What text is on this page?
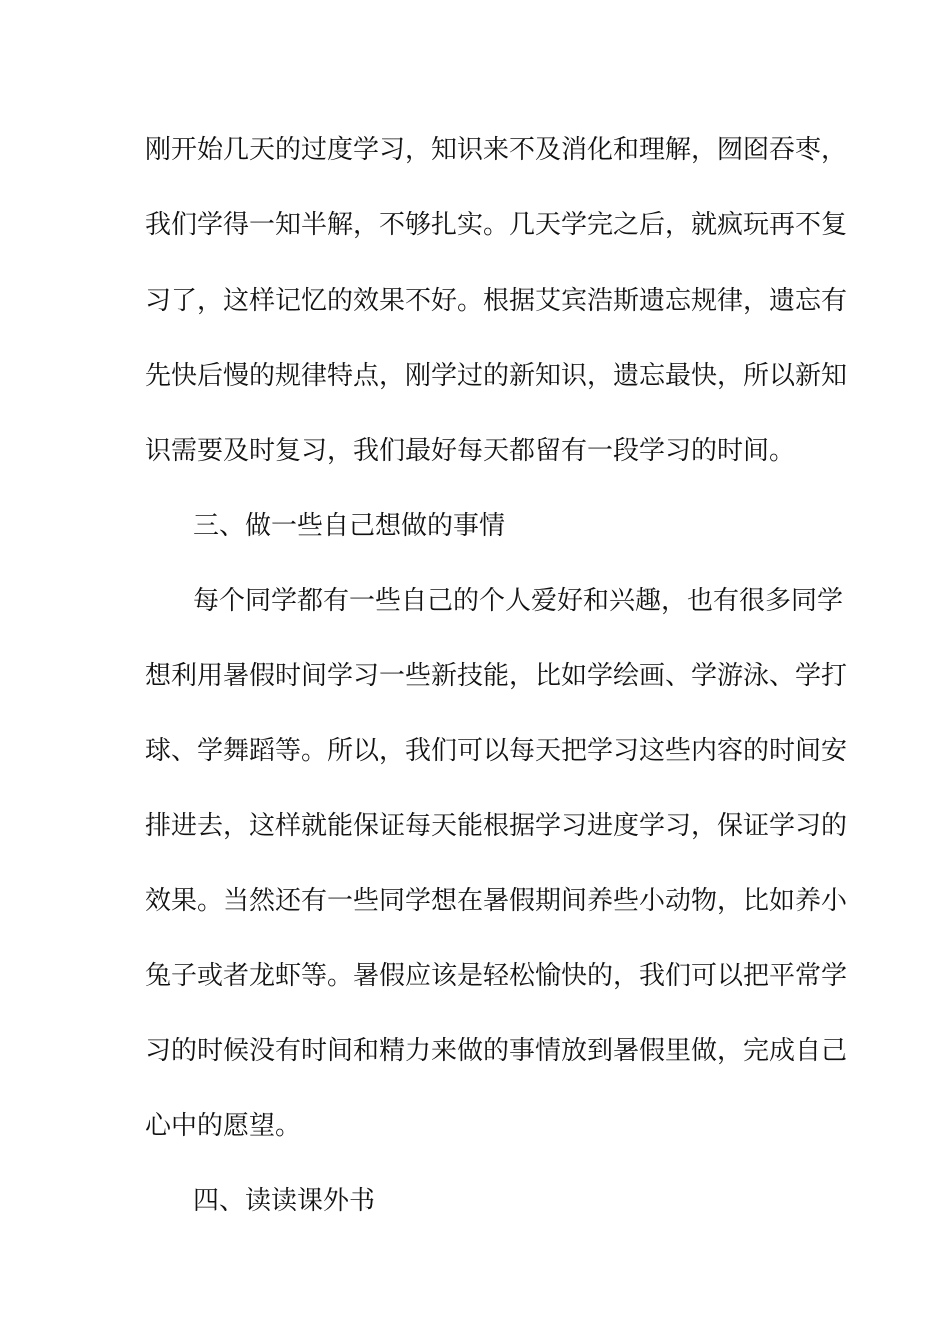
刚开始几天的过度学习，知识来不及消化和理解，囫囵吞枣，
我们学得一知半解，不够扎实。几天学完之后，就疯玩再不复
习了，这样记忆的效果不好。根据艾宾浩斯遗忘规律，遗忘有
先快后慢的规律特点，刚学过的新知识，遗忘最快，所以新知
识需要及时复习，我们最好每天都留有一段学习的时间。
三、做一些自己想做的事情
每个同学都有一些自己的个人爱好和兴趣，也有很多同学
想利用暑假时间学习一些新技能，比如学绘画、学游泳、学打
球、学舞蹈等。所以，我们可以每天把学习这些内容的时间安
排进去，这样就能保证每天能根据学习进度学习，保证学习的
效果。当然还有一些同学想在暑假期间养些小动物，比如养小
兔子或者龙虾等。暑假应该是轻松愉快的，我们可以把平常学
习的时候没有时间和精力来做的事情放到暑假里做，完成自己
心中的愿望。
四、读读课外书
